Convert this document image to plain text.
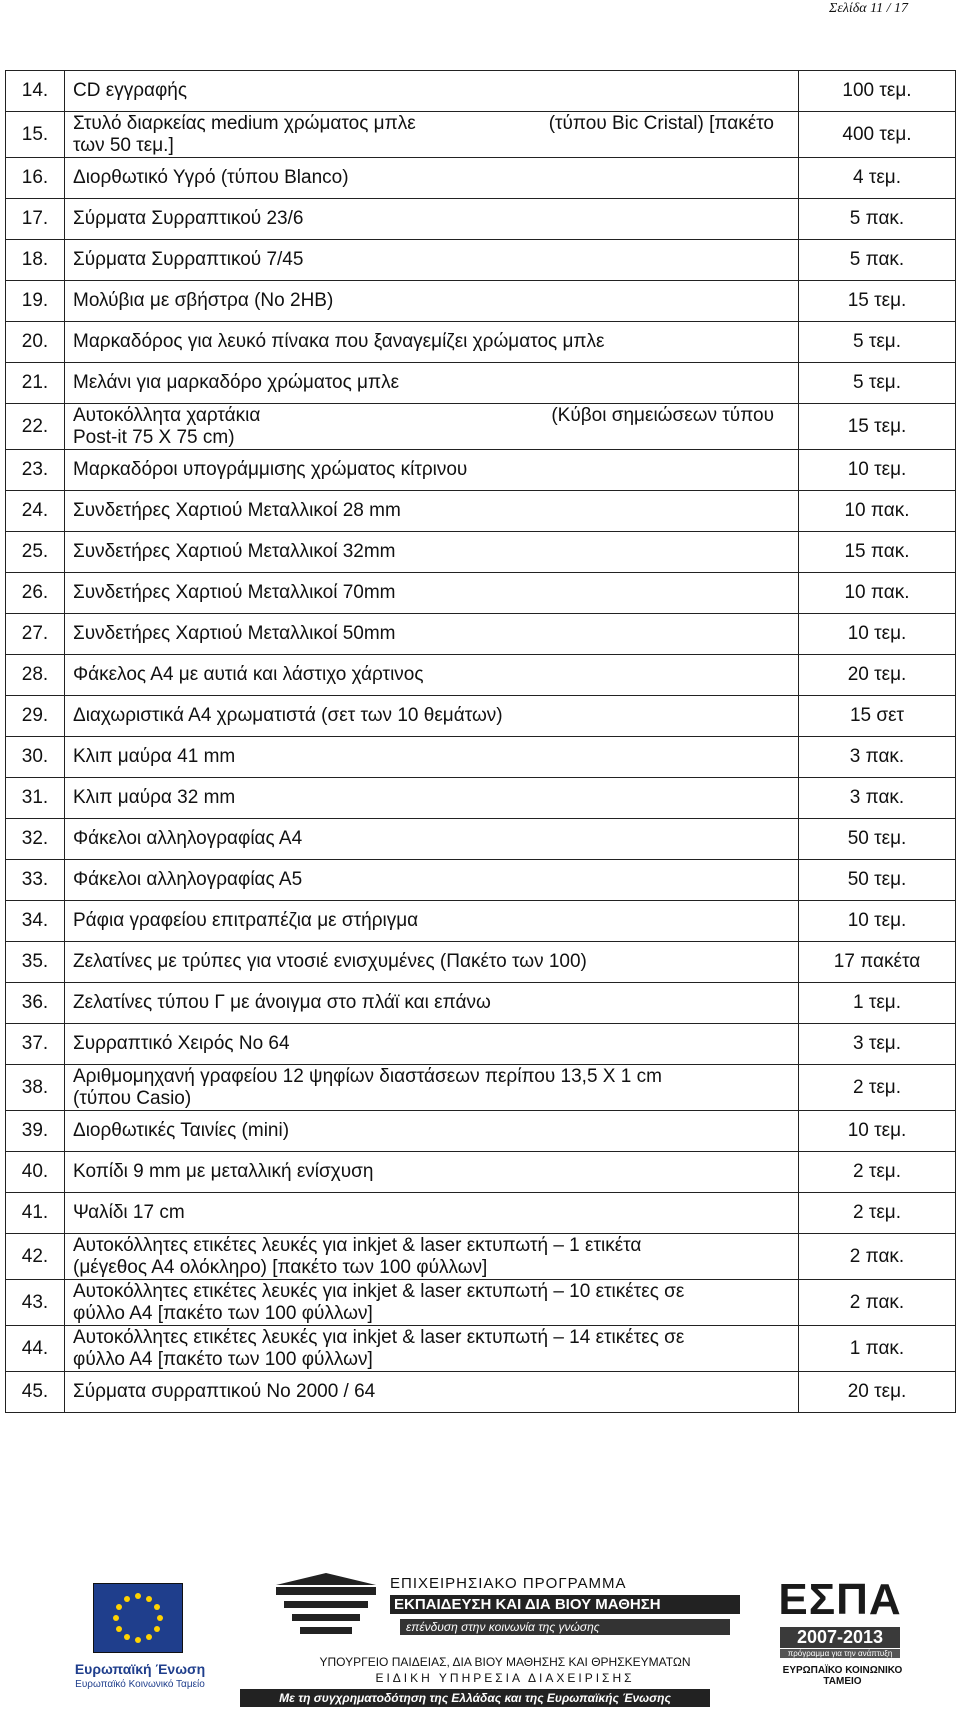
Σελίδα 11 / 17
14.	CD εγγραφής	100 τεμ.
15.	Στυλό διαρκείας medium χρώματος μπλε (τύπου Bic Cristal) [πακέτο
των 50 τεμ.]	400 τεμ.
16.	Διορθωτικό Υγρό (τύπου Blanco)	4 τεμ.
17.	Σύρματα Συρραπτικού 23/6	5 πακ.
18.	Σύρματα Συρραπτικού 7/45	5 πακ.
19.	Μολύβια με σβήστρα (No 2HB)	15 τεμ.
20.	Μαρκαδόρος για λευκό πίνακα που ξαναγεμίζει χρώματος μπλε	5 τεμ.
21.	Μελάνι για μαρκαδόρο χρώματος μπλε	5 τεμ.
22.	Αυτοκόλλητα χαρτάκια (Κύβοι σημειώσεων τύπου
Post-it 75 X 75 cm)	15 τεμ.
23.	Μαρκαδόροι υπογράμμισης χρώματος κίτρινου	10 τεμ.
24.	Συνδετήρες Χαρτιού Μεταλλικοί 28 mm	10 πακ.
25.	Συνδετήρες Χαρτιού Μεταλλικοί 32mm	15 πακ.
26.	Συνδετήρες Χαρτιού Μεταλλικοί 70mm	10 πακ.
27.	Συνδετήρες Χαρτιού Μεταλλικοί 50mm	10 τεμ.
28.	Φάκελος Α4 με αυτιά και λάστιχο χάρτινος	20 τεμ.
29.	Διαχωριστικά Α4 χρωματιστά (σετ των 10 θεμάτων)	15 σετ
30.	Κλιπ μαύρα 41 mm	3 πακ.
31.	Κλιπ μαύρα 32 mm	3 πακ.
32.	Φάκελοι αλληλογραφίας Α4	50 τεμ.
33.	Φάκελοι αλληλογραφίας Α5	50 τεμ.
34.	Ράφια γραφείου επιτραπέζια με στήριγμα	10 τεμ.
35.	Ζελατίνες με τρύπες για ντοσιέ ενισχυμένες (Πακέτο των 100)	17 πακέτα
36.	Ζελατίνες τύπου Γ με άνοιγμα στο πλάϊ και επάνω	1 τεμ.
37.	Συρραπτικό Χειρός Νο 64	3 τεμ.
38.	Αριθμομηχανή γραφείου 12 ψηφίων διαστάσεων περίπου 13,5 X 1 cm
(τύπου Casio)	2 τεμ.
39.	Διορθωτικές Ταινίες (mini)	10 τεμ.
40.	Κοπίδι 9 mm με μεταλλική ενίσχυση	2 τεμ.
41.	Ψαλίδι 17 cm	2 τεμ.
42.	Αυτοκόλλητες ετικέτες λευκές για inkjet & laser εκτυπωτή – 1 ετικέτα
(μέγεθος Α4 ολόκληρο) [πακέτο των 100 φύλλων]	2 πακ.
43.	Αυτοκόλλητες ετικέτες λευκές για inkjet & laser εκτυπωτή – 10 ετικέτες σε
φύλλο Α4 [πακέτο των 100 φύλλων]	2 πακ.
44.	Αυτοκόλλητες ετικέτες λευκές για inkjet & laser εκτυπωτή – 14 ετικέτες σε
φύλλο Α4 [πακέτο των 100 φύλλων]	1 πακ.
45.	Σύρματα συρραπτικού Νο 2000 / 64	20 τεμ.
Ευρωπαϊκή Ένωση
Ευρωπαϊκό Κοινωνικό Ταμείο
ΕΠΙΧΕΙΡΗΣΙΑΚΟ ΠΡΟΓΡΑΜΜΑ
ΕΚΠΑΙΔΕΥΣΗ ΚΑΙ ΔΙΑ ΒΙΟΥ ΜΑΘΗΣΗ
επένδυση στην κοινωνία της γνώσης
ΥΠΟΥΡΓΕΙΟ ΠΑΙΔΕΙΑΣ, ΔΙΑ ΒΙΟΥ ΜΑΘΗΣΗΣ ΚΑΙ ΘΡΗΣΚΕΥΜΑΤΩΝ
ΕΙΔΙΚΗ ΥΠΗΡΕΣΙΑ ΔΙΑΧΕΙΡΙΣΗΣ
Με τη συγχρηματοδότηση της Ελλάδας και της Ευρωπαϊκής Ένωσης
ΕΣΠΑ
2007-2013
πρόγραμμα για την ανάπτυξη
ΕΥΡΩΠΑΪΚΟ ΚΟΙΝΩΝΙΚΟ ΤΑΜΕΙΟ
